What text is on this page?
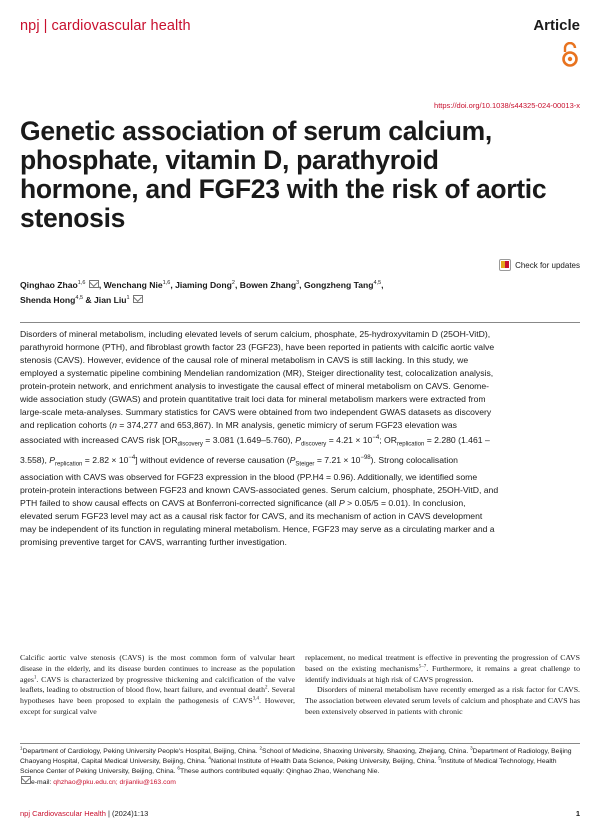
npj | cardiovascular health	Article
https://doi.org/10.1038/s44325-024-00013-x
Genetic association of serum calcium, phosphate, vitamin D, parathyroid hormone, and FGF23 with the risk of aortic stenosis
Check for updates
Qinghao Zhao$^{1,6}$ , Wenchang Nie$^{1,6}$, Jiaming Dong$^2$, Bowen Zhang$^3$, Gongzheng Tang$^{4,5}$,
Shenda Hong$^{4,5}$ & Jian Liu$^1$

Disorders of mineral metabolism, including elevated levels of serum calcium, phosphate, 25-hydroxyvitamin D (25OH-VitD), parathyroid hormone (PTH), and fibroblast growth factor 23 (FGF23), have been reported in patients with calcific aortic valve stenosis (CAVS). However, evidence of the causal role of mineral metabolism in CAVS is still lacking. In this study, we employed a systematic pipeline combining Mendelian randomization (MR), Steiger directionality test, colocalization analysis, protein-protein network, and enrichment analysis to investigate the causal effect of mineral metabolism on CAVS. Genome-wide association study (GWAS) and protein quantitative trait loci data for mineral metabolism markers were extracted from large-scale meta-analyses. Summary statistics for CAVS were obtained from two independent GWAS datasets as discovery and replication cohorts (n = 374,277 and 653,867). In MR analysis, genetic mimicry of serum FGF23 elevation was associated with increased CAVS risk [$OR_{discovery} = 3.081$ (1.649–5.760), $P_{discovery} = 4.21 \times 10^{-4}$; $OR_{replication} = 2.280$ (1.461 – 3.558), $P_{replication} = 2.82 \times 10^{-4}$] without evidence of reverse causation $(P_{Steiger} = 7.21 \times 10^{-98})$. Strong colocalisation association with CAVS was observed for FGF23 expression in the blood (PP.H4 = 0.96). Additionally, we identified some protein-protein interactions between FGF23 and known CAVS-associated genes. Serum calcium, phosphate, 25OH-VitD, and PTH failed to show causal effects on CAVS at Bonferroni-corrected significance (all P > 0.05/5 = 0.01). In conclusion, elevated serum FGF23 level may act as a causal risk factor for CAVS, and its mechanism of action in CAVS development may be independent of its function in regulating mineral metabolism. Hence, FGF23 may serve as a circulating marker and a promising preventive target for CAVS, warranting further investigation.

Calcific aortic valve stenosis (CAVS) is the most common form of valvular heart disease in the elderly, and its disease burden continues to increase as the population ages$^1$. CAVS is characterized by progressive thickening and calcification of the valve leaflets, leading to obstruction of blood flow, heart failure, and eventual death$^2$. Several hypotheses have been proposed to explain the pathogenesis of CAVS$^{3,4}$. However, except for surgical valve

replacement, no medical treatment is effective in preventing the progression of CAVS based on the existing mechanisms$^{5-7}$. Furthermore, it remains a great challenge to identify individuals at high risk of CAVS progression.

Disorders of mineral metabolism have recently emerged as a risk factor for CAVS. The association between elevated serum levels of calcium and phosphate and CAVS has been extensively observed in patients with chronic

$^1$Department of Cardiology, Peking University People's Hospital, Beijing, China. $^2$School of Medicine, Shaoxing University, Shaoxing, Zhejiang, China. $^3$Department of Radiology, Beijing Chaoyang Hospital, Capital Medical University, Beijing, China. $^4$National Institute of Health Data Science, Peking University, Beijing, China. $^5$Institute of Medical Technology, Health Science Center of Peking University, Beijing, China. $^6$These authors contributed equally: Qinghao Zhao, Wenchang Nie.
e-mail: qhzhao@pku.edu.cn; drjianliu@163.com
npj Cardiovascular Health | (2024)1:13	1
